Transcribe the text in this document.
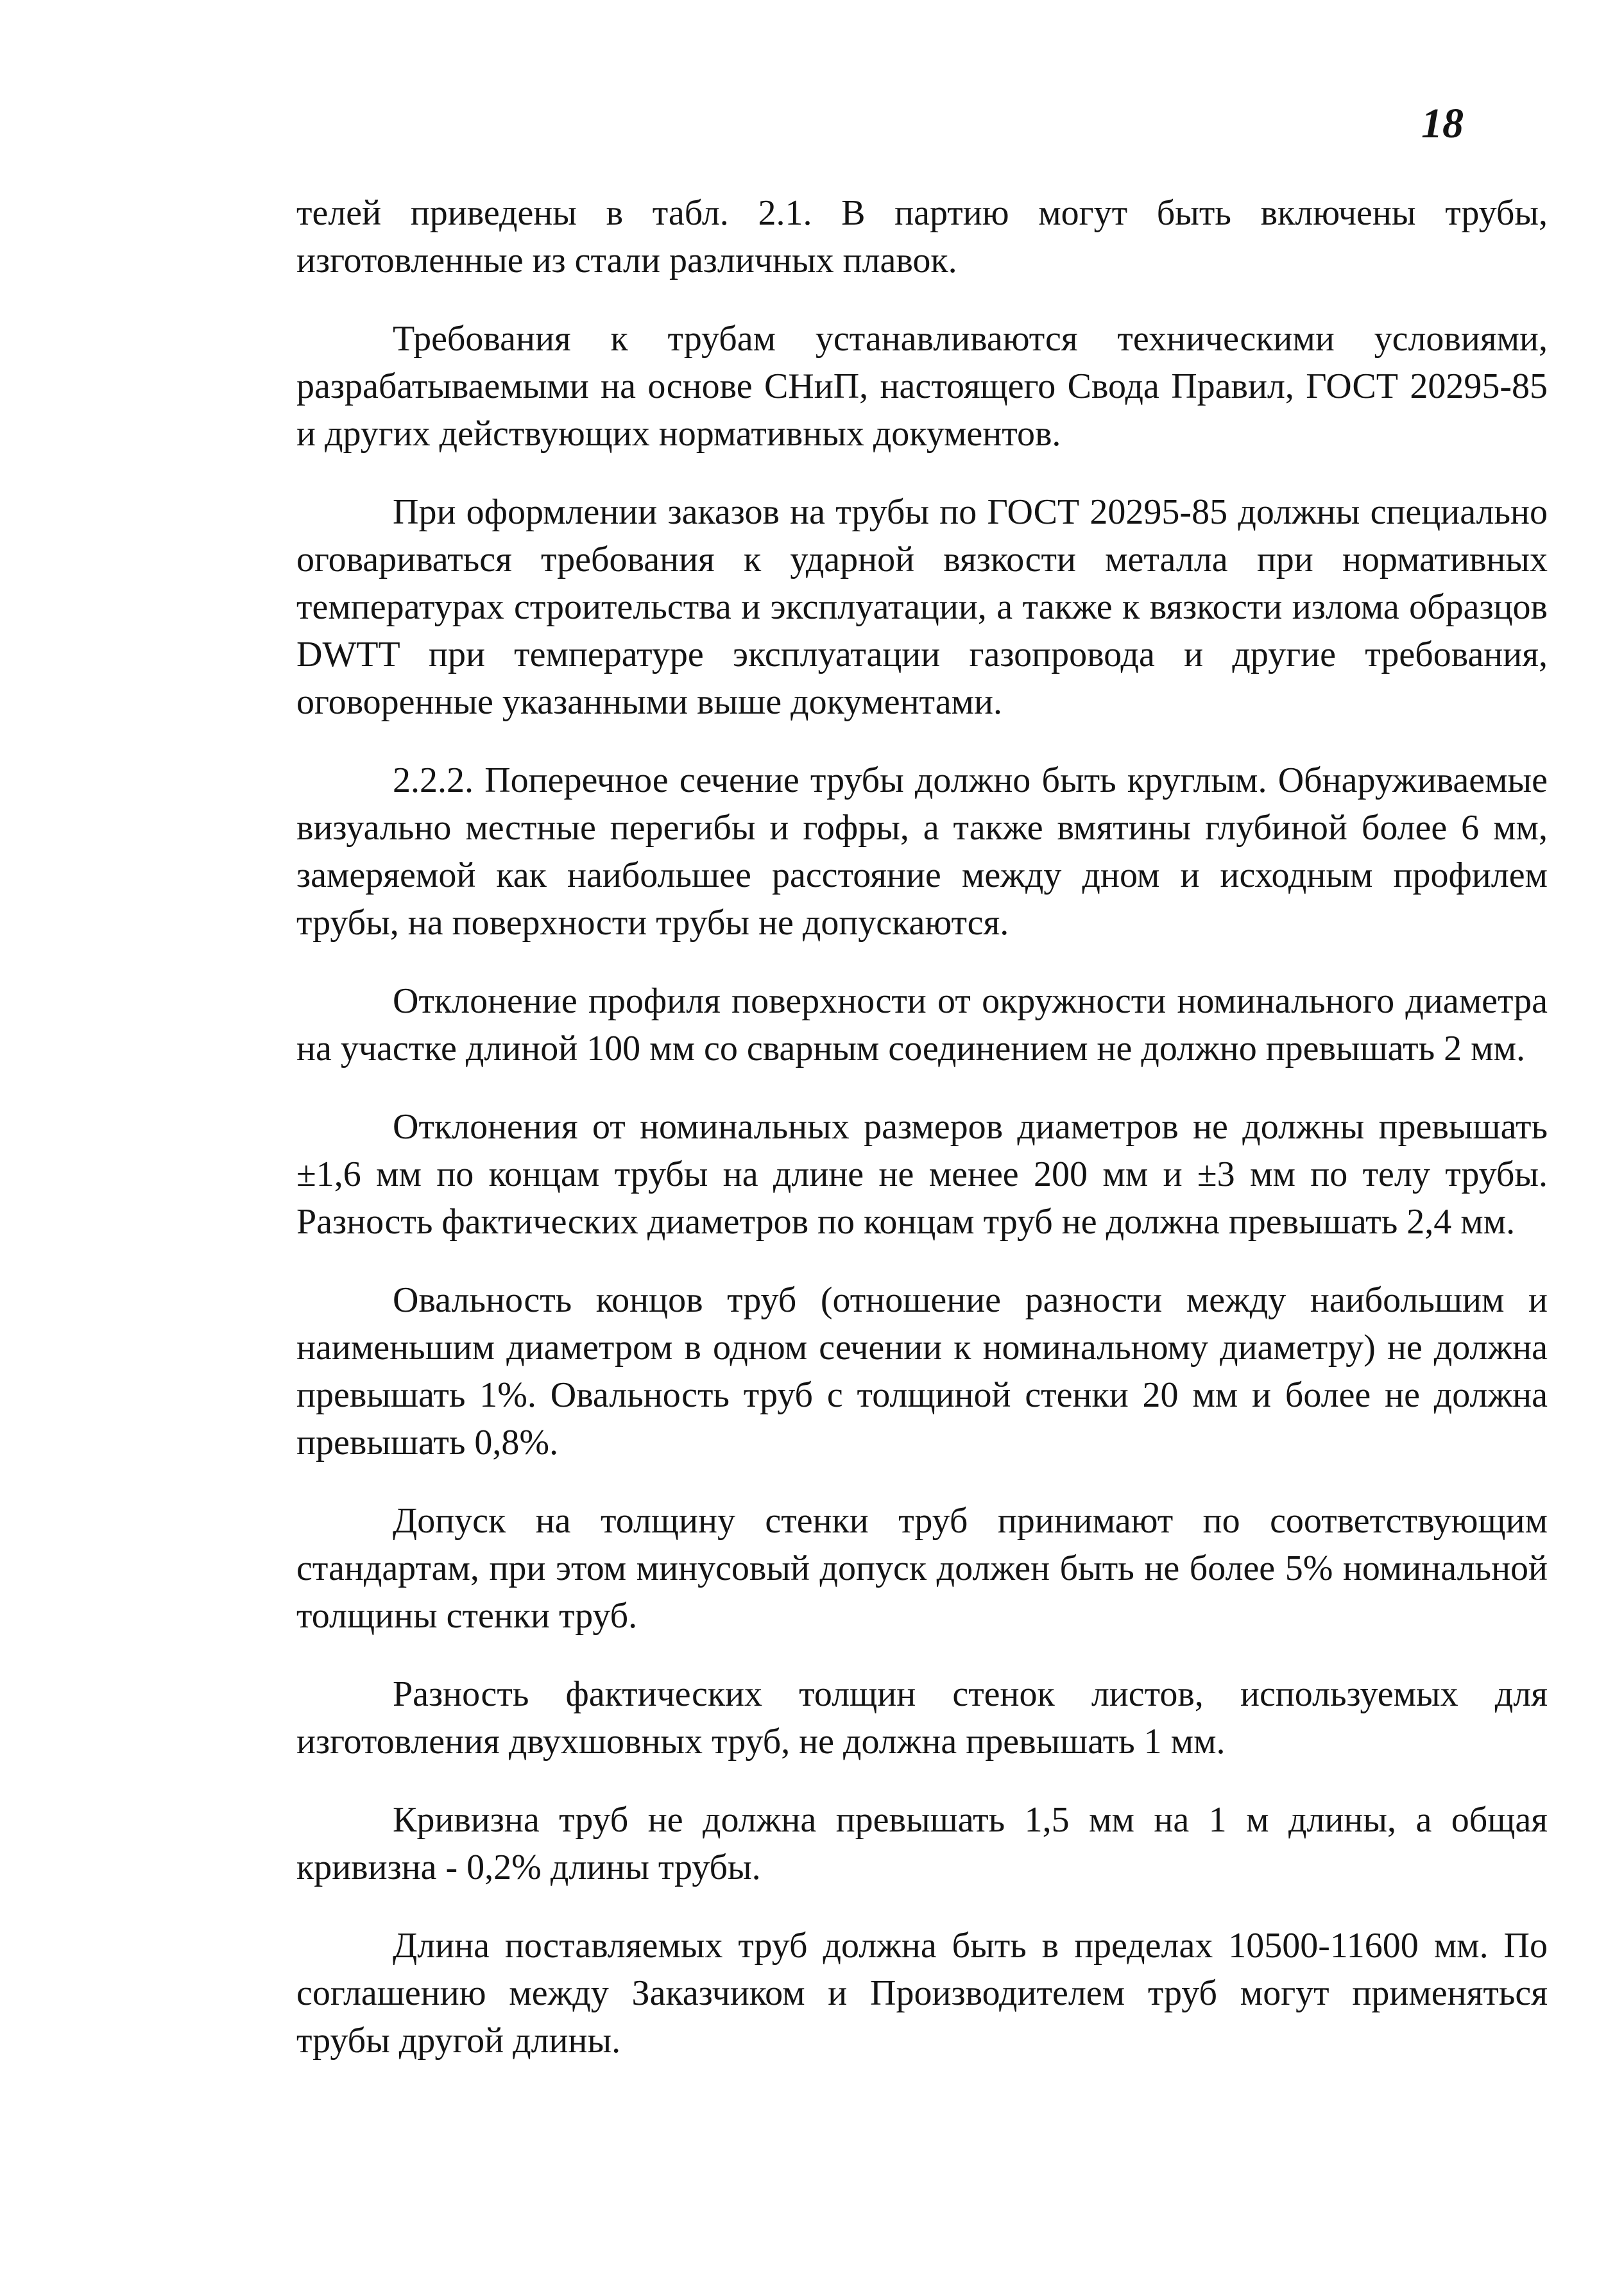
18

телей приведены в табл. 2.1. В партию могут быть включены трубы, изготовленные из стали различных плавок.

Требования к трубам устанавливаются техническими условиями, разрабатываемыми на основе СНиП, настоящего Свода Правил, ГОСТ 20295-85 и других действующих нормативных документов.

При оформлении заказов на трубы по ГОСТ 20295-85 должны специально оговариваться требования к ударной вязкости металла при нормативных температурах строительства и эксплуатации, а также к вязкости излома образцов DWTT при температуре эксплуатации газопровода и другие требования, оговоренные указанными выше документами.

2.2.2. Поперечное сечение трубы должно быть круглым. Обнаруживаемые визуально местные перегибы и гофры, а также вмятины глубиной более 6 мм, замеряемой как наибольшее расстояние между дном и исходным профилем трубы, на поверхности трубы не допускаются.

Отклонение профиля поверхности от окружности номинального диаметра на участке длиной 100 мм со сварным соединением не должно превышать 2 мм.

Отклонения от номинальных размеров диаметров не должны превышать ±1,6 мм по концам трубы на длине не менее 200 мм и ±3 мм по телу трубы. Разность фактических диаметров по концам труб не должна превышать 2,4 мм.

Овальность концов труб (отношение разности между наибольшим и наименьшим диаметром в одном сечении к номинальному диаметру) не должна превышать 1%. Овальность труб с толщиной стенки 20 мм и более не должна превышать 0,8%.

Допуск на толщину стенки труб принимают по соответствующим стандартам, при этом минусовый допуск должен быть не более 5% номинальной толщины стенки труб.

Разность фактических толщин стенок листов, используемых для изготовления двухшовных труб, не должна превышать 1 мм.

Кривизна труб не должна превышать 1,5 мм на 1 м длины, а общая кривизна - 0,2% длины трубы.

Длина поставляемых труб должна быть в пределах 10500-11600 мм. По соглашению между Заказчиком и Производителем труб могут применяться трубы другой длины.
